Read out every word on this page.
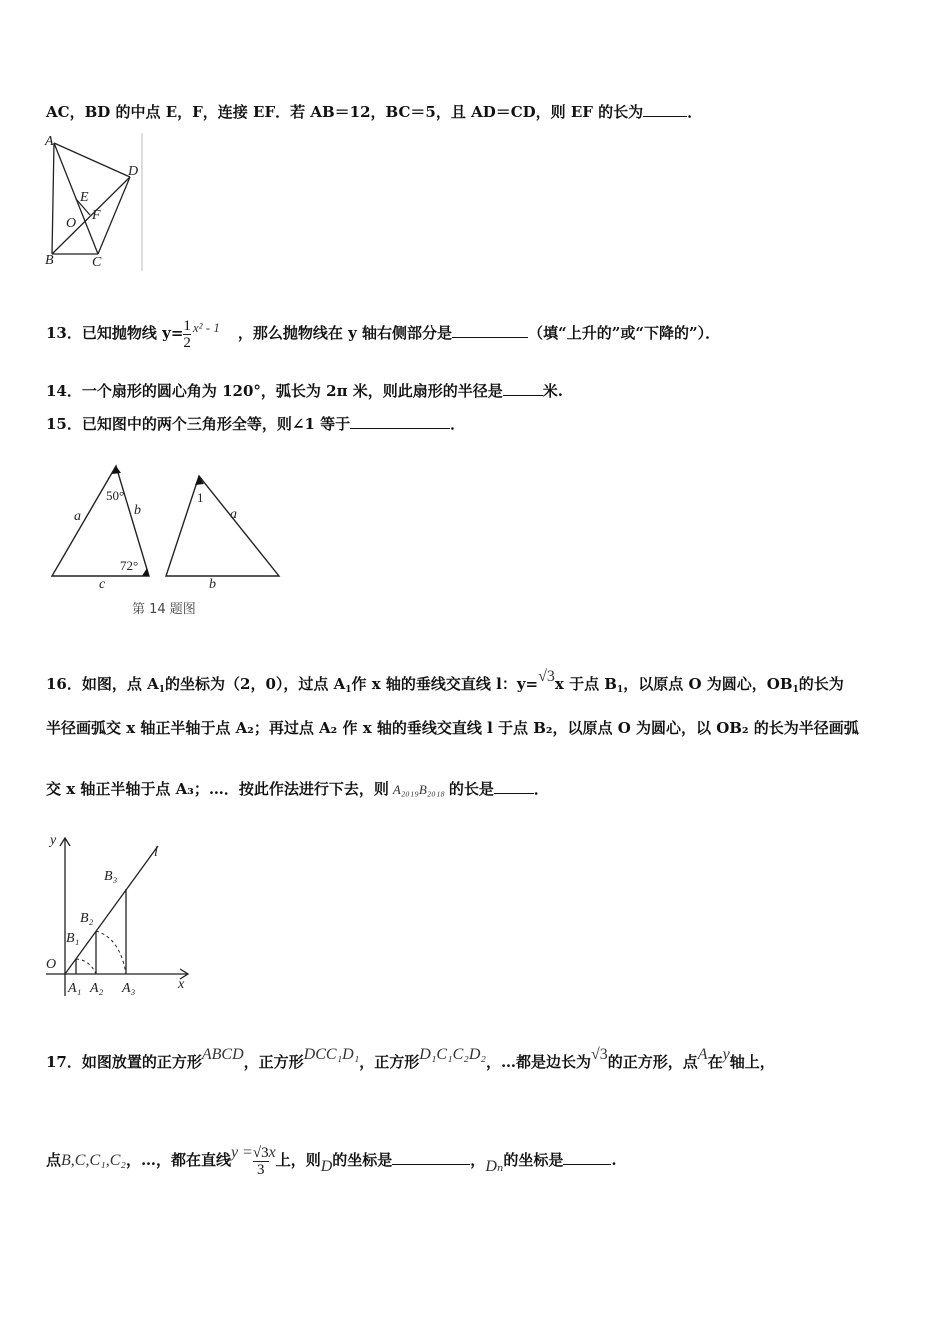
AC，BD 的中点 E，F，连接 EF．若 AB＝12，BC＝5，且 AD＝CD，则 EF 的长为	．
A
D
E
F
O
B	C
13．已知抛物线 $y= \frac{1}{2} x^2 - 1$ ，那么抛物线在 y 轴右侧部分是	（填“上升的”或“下降的”）．
14．一个扇形的圆心角为 120°，弧长为 2π 米，则此扇形的半径是	米.
15．已知图中的两个三角形全等，则∠1 等于	．
a	b
c
a
b
50°
72°
1
第 14 题图
16．如图，点 $A_1$的坐标为（2，0），过点 $A_1$作 x 轴的垂线交直线 l：y=√3x 于点 $B_1$，以原点 O 为圆心，$OB_1$的长为
半径画弧交 x 轴正半轴于点 A₂；再过点 A₂ 作 x 轴的垂线交直线 l 于点 B₂，以原点 O 为圆心，以 OB₂ 的长为半径画弧
交 x 轴正半轴于点 A₃；…．按此作法进行下去，则 A₂₀₁₉B₂₀₁₈ 的长是	．
y
x
l
O
B₁
B₂
B₃
A₁ A₂ A₃
17．如图放置的正方形ABCD，正方形DCC₁D₁，正方形D₁C₁C₂D₂，…都是边长为√3的正方形，点A在y轴上，
点B,C,C₁,C₂，…，都在直线$y = \frac{√3}{3}$ x上，则D的坐标是	，Dₙ的坐标是	.
